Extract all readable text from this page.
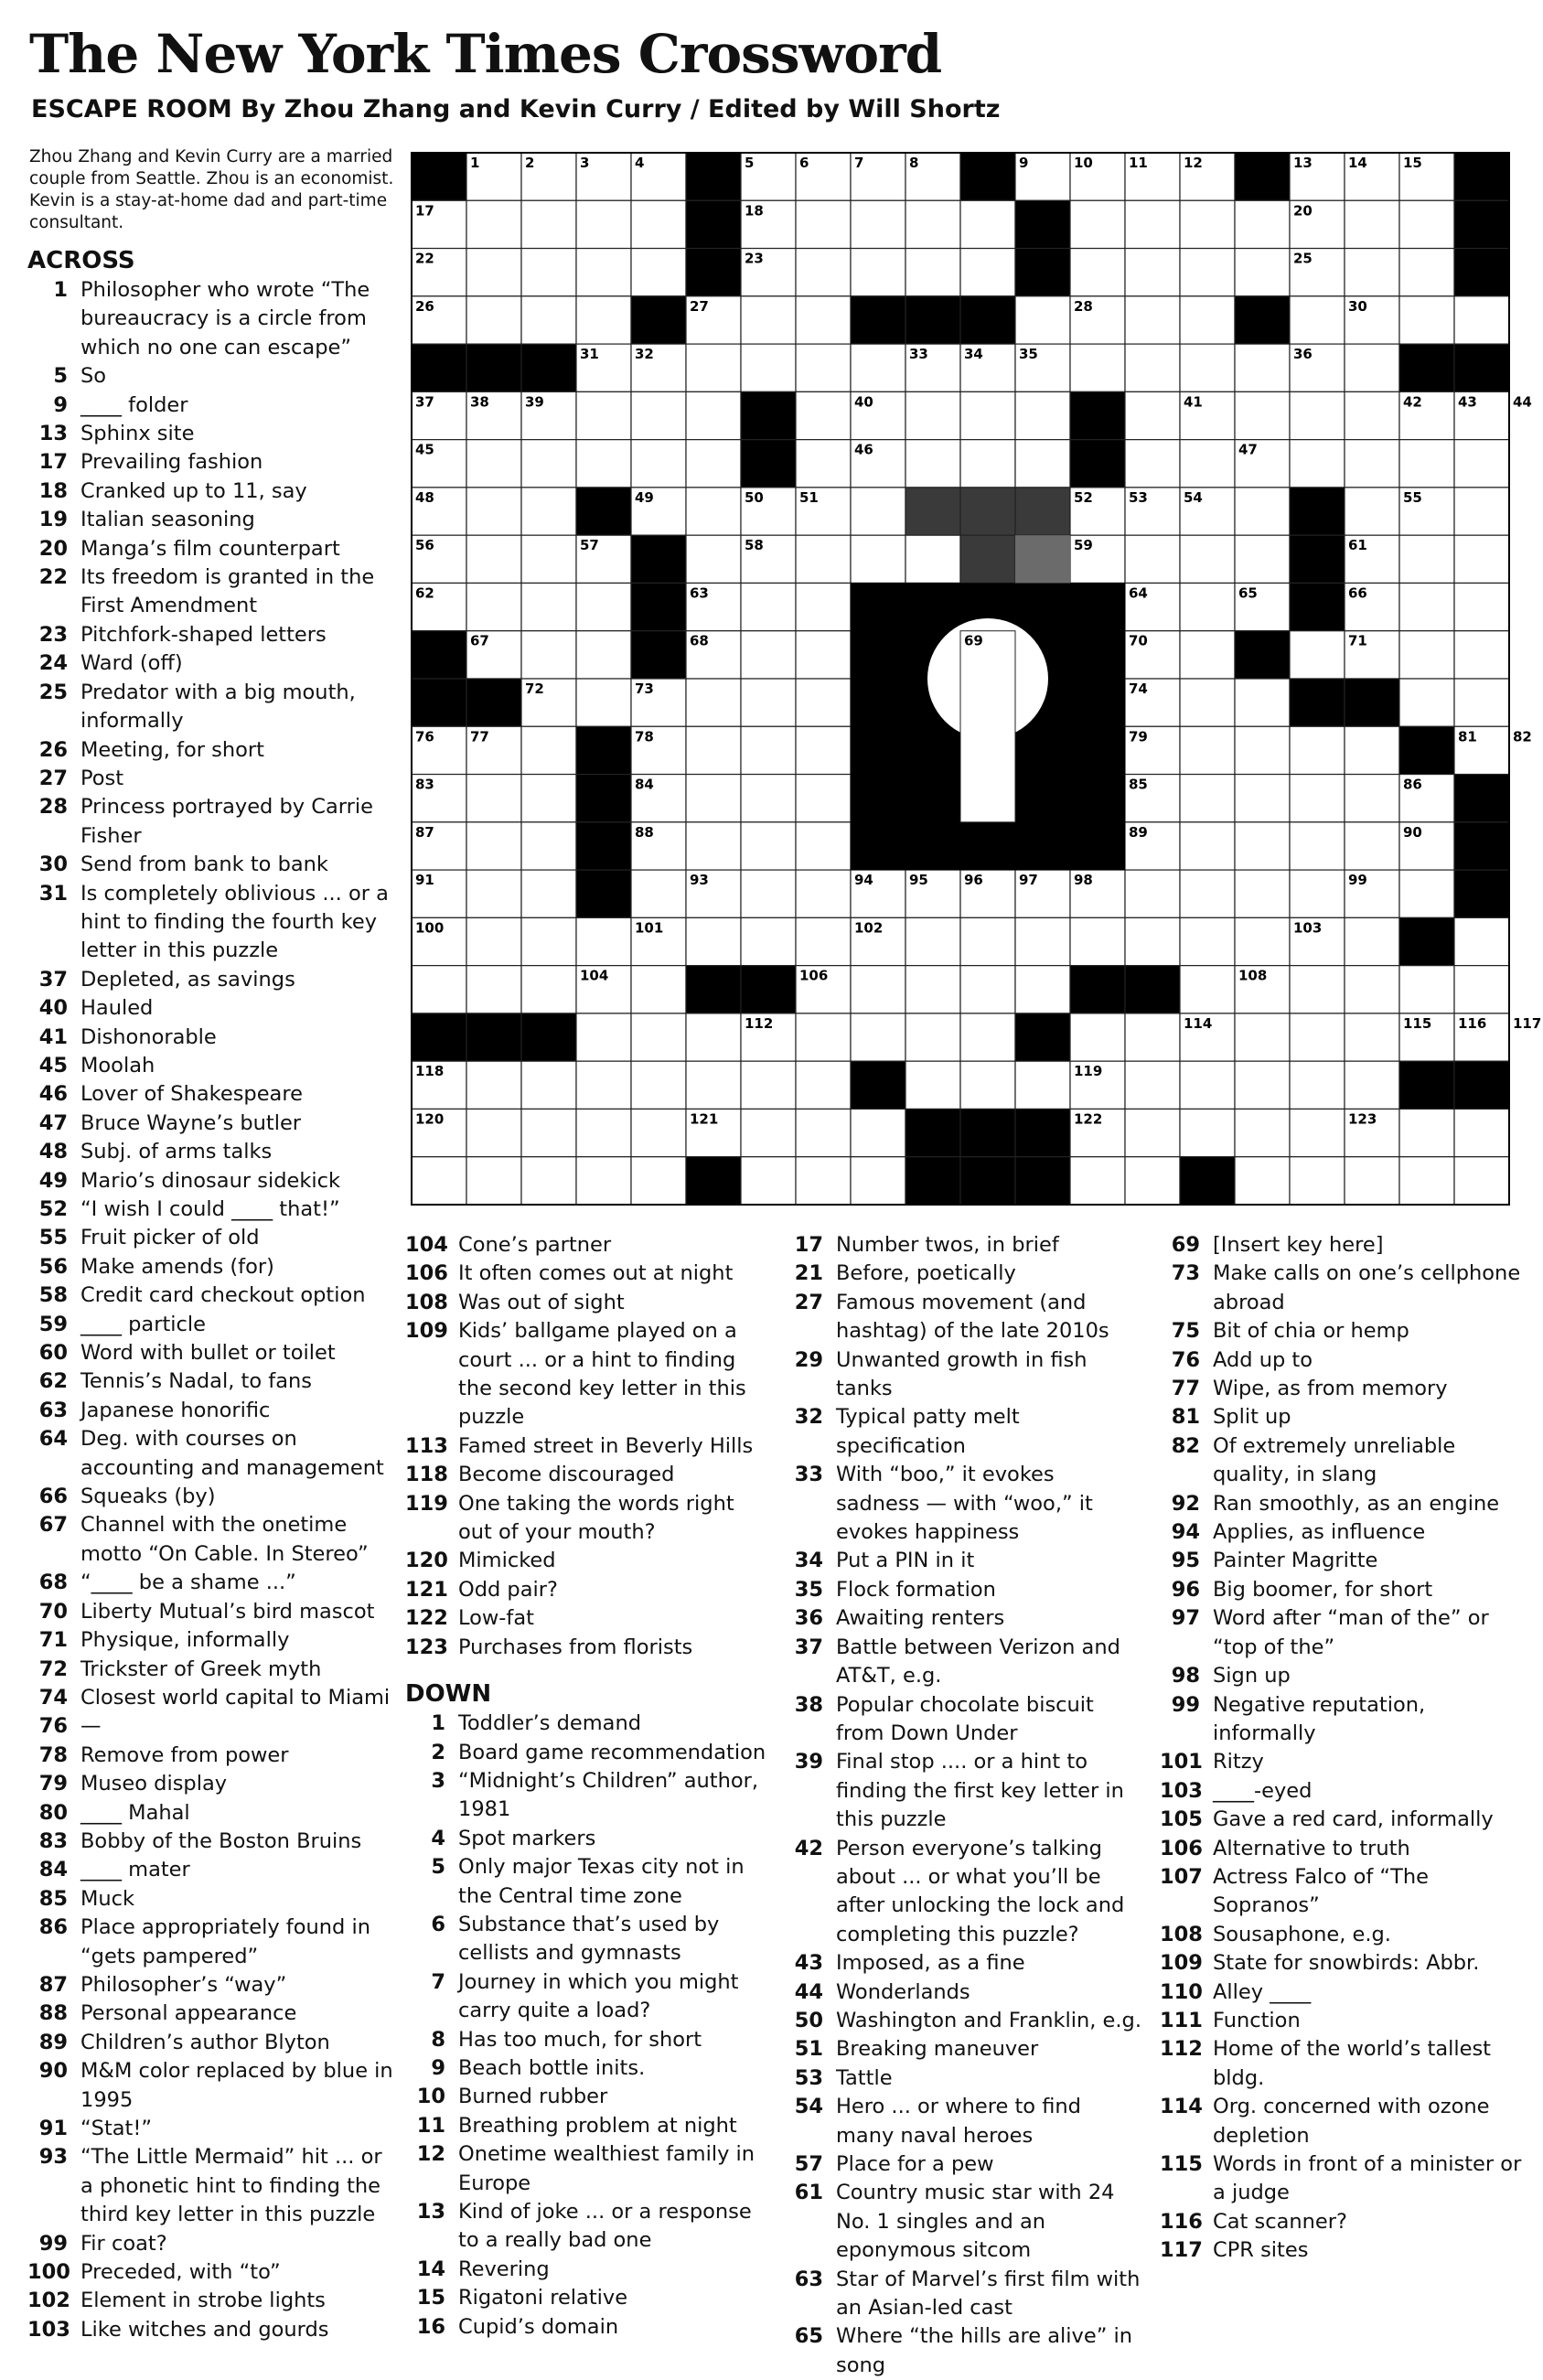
The New York Times Crossword
ESCAPE ROOM By Zhou Zhang and Kevin Curry / Edited by Will Shortz
Zhou Zhang and Kevin Curry are a married couple from Seattle. Zhou is an economist. Kevin is a stay-at-home dad and part-time consultant.
1	2	3	4	5	6	7	8	9	10	11	12	13	14	15	16
17	18	19	20	21
22	23	24	25
26	27	28	29	30
31	32	33	34	35	36
37	38	39	40	41	42	43	44
45	46	47
48	49	50	51	52	53	54	55
56	57	58	59	60	61
62	63	64	65	66
67	68	69	70	71
72	73	74	75
76	77	78	79	80	81	82
83	84	85	86
87	88	89	90
91	92	93	94	95	96	97	98	99
100	101	102	103
104	105	106	107	108
109 110 111	112	113	114	115 116 117
118	119
120	121	122	123
ACROSS
1 Philosopher who wrote “The bureaucracy is a circle from which no one can escape”
5 So
9 ____ folder
13 Sphinx site
17 Prevailing fashion
18 Cranked up to 11, say
19 Italian seasoning
20 Manga’s film counterpart
22 Its freedom is granted in the First Amendment
23 Pitchfork-shaped letters
24 Ward (off)
25 Predator with a big mouth, informally
26 Meeting, for short
27 Post
28 Princess portrayed by Carrie Fisher
30 Send from bank to bank
31 Is completely oblivious ... or a hint to finding the fourth key letter in this puzzle
37 Depleted, as savings
40 Hauled
41 Dishonorable
45 Moolah
46 Lover of Shakespeare
47 Bruce Wayne’s butler
48 Subj. of arms talks
49 Mario’s dinosaur sidekick
52 “I wish I could ____ that!”
55 Fruit picker of old
56 Make amends (for)
58 Credit card checkout option
59 ____ particle
60 Word with bullet or toilet
62 Tennis’s Nadal, to fans
63 Japanese honorific
64 Deg. with courses on accounting and management
66 Squeaks (by)
67 Channel with the onetime motto “On Cable. In Stereo”
68 “____ be a shame ...”
70 Liberty Mutual’s bird mascot
71 Physique, informally
72 Trickster of Greek myth
74 Closest world capital to Miami
76 —
78 Remove from power
79 Museo display
80 ____ Mahal
83 Bobby of the Boston Bruins
84 ____ mater
85 Muck
86 Place appropriately found in “gets pampered”
87 Philosopher’s “way”
88 Personal appearance
89 Children’s author Blyton
90 M&M color replaced by blue in 1995
91 “Stat!”
93 “The Little Mermaid” hit ... or a phonetic hint to finding the third key letter in this puzzle
99 Fir coat?
100 Preceded, with “to”
102 Element in strobe lights
103 Like witches and gourds
104 Cone’s partner
106 It often comes out at night
108 Was out of sight
109 Kids’ ballgame played on a court ... or a hint to finding the second key letter in this puzzle
113 Famed street in Beverly Hills
118 Become discouraged
119 One taking the words right out of your mouth?
120 Mimicked
121 Odd pair?
122 Low-fat
123 Purchases from florists
DOWN
1 Toddler’s demand
2 Board game recommendation
3 “Midnight’s Children” author, 1981
4 Spot markers
5 Only major Texas city not in the Central time zone
6 Substance that’s used by cellists and gymnasts
7 Journey in which you might carry quite a load?
8 Has too much, for short
9 Beach bottle inits.
10 Burned rubber
11 Breathing problem at night
12 Onetime wealthiest family in Europe
13 Kind of joke ... or a response to a really bad one
14 Revering
15 Rigatoni relative
16 Cupid’s domain
17 Number twos, in brief
21 Before, poetically
27 Famous movement (and hashtag) of the late 2010s
29 Unwanted growth in fish tanks
32 Typical patty melt specification
33 With “boo,” it evokes sadness — with “woo,” it evokes happiness
34 Put a PIN in it
35 Flock formation
36 Awaiting renters
37 Battle between Verizon and AT&T, e.g.
38 Popular chocolate biscuit from Down Under
39 Final stop .... or a hint to finding the first key letter in this puzzle
42 Person everyone’s talking about ... or what you’ll be after unlocking the lock and completing this puzzle?
43 Imposed, as a fine
44 Wonderlands
50 Washington and Franklin, e.g.
51 Breaking maneuver
53 Tattle
54 Hero ... or where to find many naval heroes
57 Place for a pew
61 Country music star with 24 No. 1 singles and an eponymous sitcom
63 Star of Marvel’s first film with an Asian-led cast
65 Where “the hills are alive” in song
69 [Insert key here]
73 Make calls on one’s cellphone abroad
75 Bit of chia or hemp
76 Add up to
77 Wipe, as from memory
81 Split up
82 Of extremely unreliable quality, in slang
92 Ran smoothly, as an engine
94 Applies, as influence
95 Painter Magritte
96 Big boomer, for short
97 Word after “man of the” or “top of the”
98 Sign up
99 Negative reputation, informally
101 Ritzy
103 ____-eyed
105 Gave a red card, informally
106 Alternative to truth
107 Actress Falco of “The Sopranos”
108 Sousaphone, e.g.
109 State for snowbirds: Abbr.
110 Alley ____
111 Function
112 Home of the world’s tallest bldg.
114 Org. concerned with ozone depletion
115 Words in front of a minister or a judge
116 Cat scanner?
117 CPR sites
